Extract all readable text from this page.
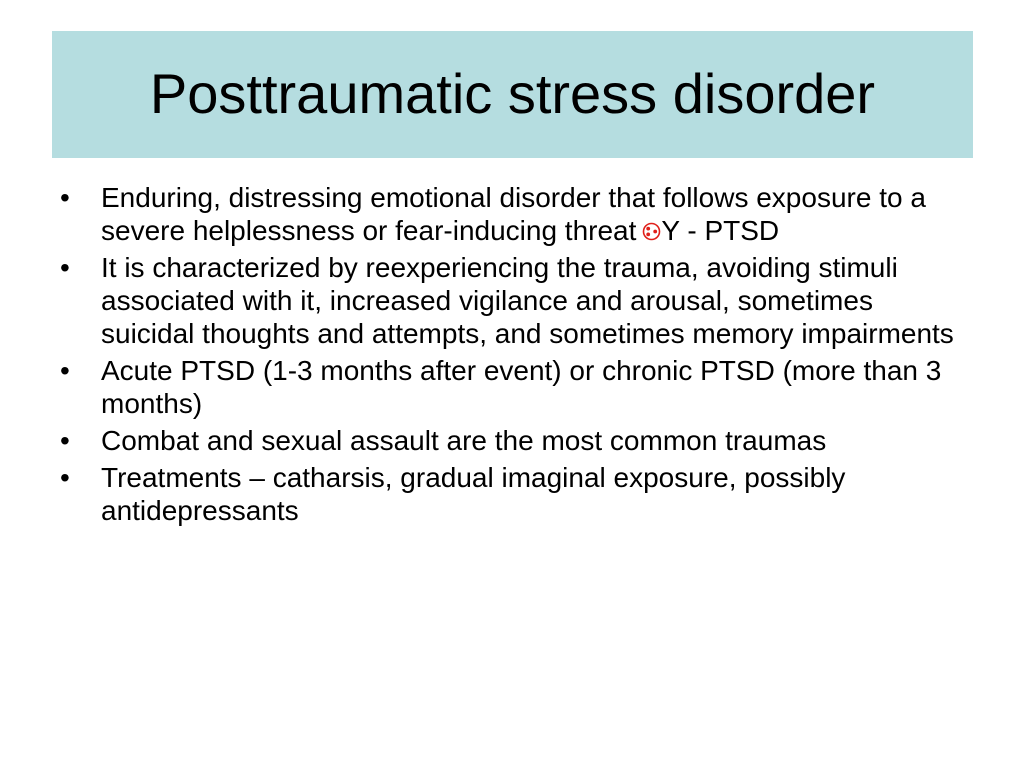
Posttraumatic stress disorder
•	Enduring, distressing emotional disorder that follows exposure to a severe helplessness or fear-inducing threat Y - PTSD
•	It is characterized by reexperiencing the trauma, avoiding stimuli associated with it, increased vigilance and arousal, sometimes suicidal thoughts and attempts, and sometimes memory impairments
•	Acute PTSD (1-3 months after event) or chronic PTSD (more than 3 months)
•	Combat and sexual assault are the most common traumas
•	Treatments – catharsis, gradual imaginal exposure, possibly antidepressants
